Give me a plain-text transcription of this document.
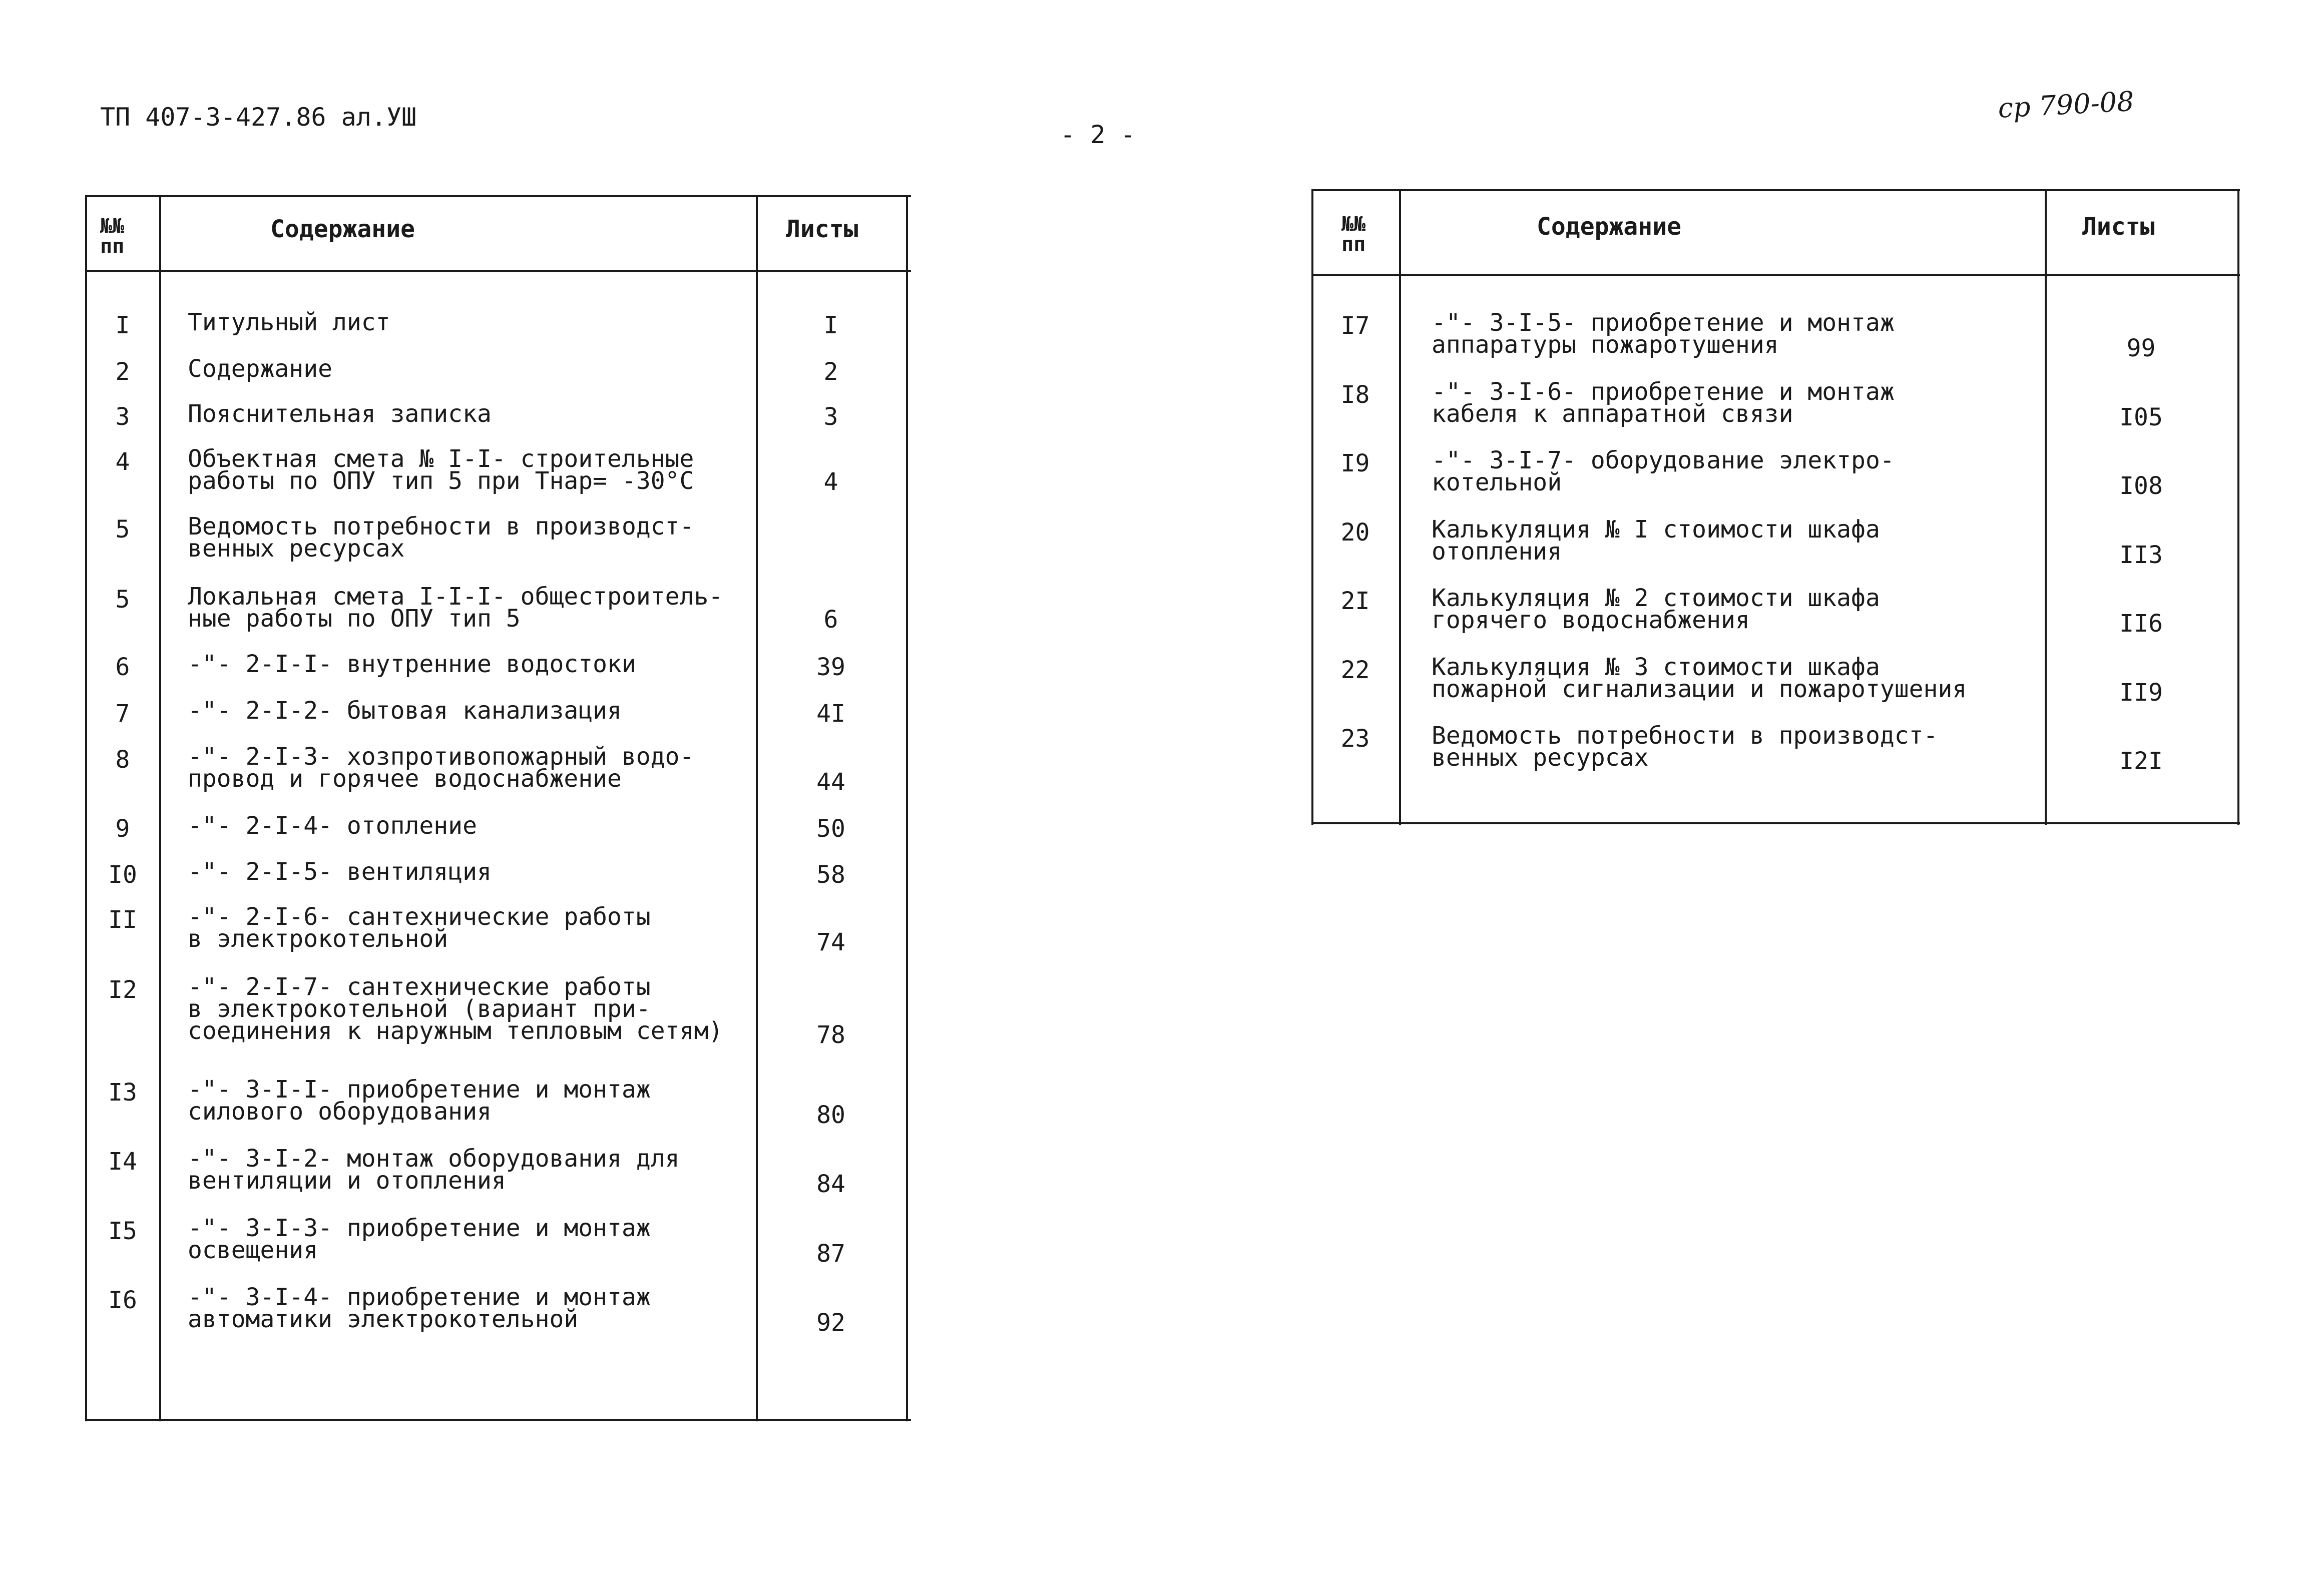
ТП 407-3-427.86 ал.УШ
- 2 -
ср 790-08
№№
пп
Содержание	Листы
I	Титульный лист	I
2	Содержание	2
3	Пояснительная записка	3
4	Объектная смета № I-I- строительные
работы по ОПУ тип 5 при Тнар= -30°С	4
5	Ведомость потребности в производст-
венных ресурсах
5	Локальная смета I-I-I- общестроитель-
ные работы по ОПУ тип 5	6
6	-"- 2-I-I- внутренние водостоки	39
7	-"- 2-I-2- бытовая канализация	4I
8	-"- 2-I-3- хозпротивопожарный водо-
провод и горячее водоснабжение	44
9	-"- 2-I-4- отопление	50
I0	-"- 2-I-5- вентиляция	58
II	-"- 2-I-6- сантехнические работы
в электрокотельной	74
I2	-"- 2-I-7- сантехнические работы
в электрокотельной (вариант при-
соединения к наружным тепловым сетям)	78
I3	-"- 3-I-I- приобретение и монтаж
силового оборудования	80
I4	-"- 3-I-2- монтаж оборудования для
вентиляции и отопления	84
I5	-"- 3-I-3- приобретение и монтаж
освещения	87
I6	-"- 3-I-4- приобретение и монтаж
автоматики электрокотельной	92
№№
пп
Содержание	Листы
I7	-"- 3-I-5- приобретение и монтаж
аппаратуры пожаротушения	99
I8	-"- 3-I-6- приобретение и монтаж
кабеля к аппаратной связи	I05
I9	-"- 3-I-7- оборудование электро-
котельной	I08
20	Калькуляция № I стоимости шкафа
отопления	II3
2I	Калькуляция № 2 стоимости шкафа
горячего водоснабжения	II6
22	Калькуляция № 3 стоимости шкафа
пожарной сигнализации и пожаротушения	II9
23	Ведомость потребности в производст-
венных ресурсах	I2I
